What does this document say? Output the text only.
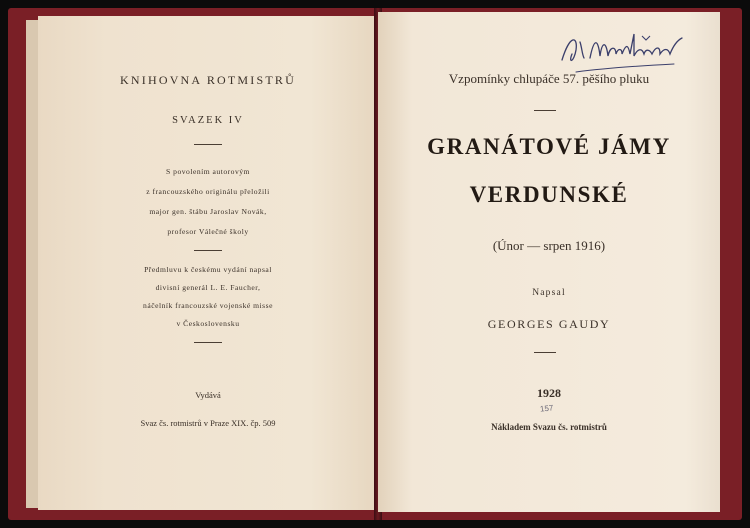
KNIHOVNA ROTMISTRŮ
SVAZEK IV
S povolením autorovým
z francouzského originálu přeložili
major gen. štábu Jaroslav Novák,
profesor Válečné školy
Předmluvu k českému vydání napsal
divisní generál L. E. Faucher,
náčelník francouzské vojenské misse
v Československu
Vydává
Svaz čs. rotmistrů v Praze XIX. čp. 509
Vzpomínky chlupáče 57. pěšího pluku
GRANÁTOVÉ JÁMY
VERDUNSKÉ
(Únor — srpen 1916)
Napsal
GEORGES GAUDY
1928
157
Nákladem Svazu čs. rotmistrů
